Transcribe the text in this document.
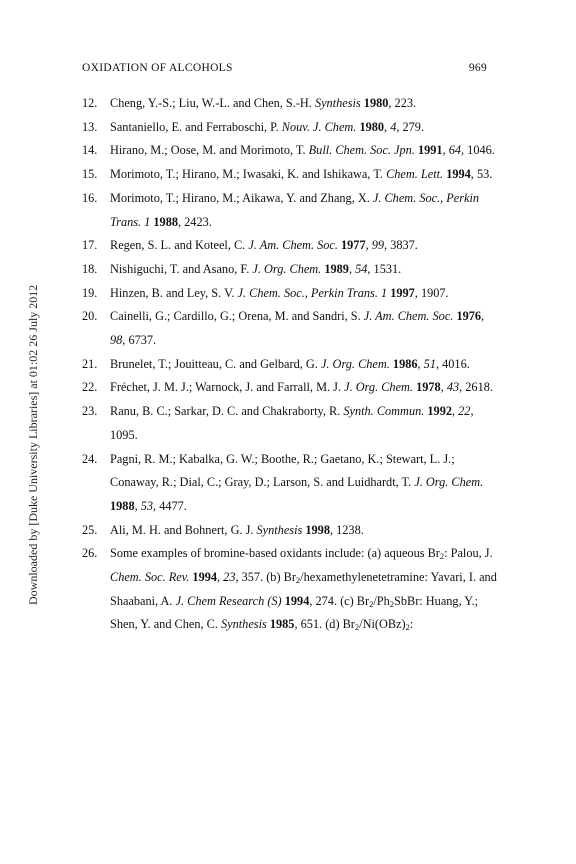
OXIDATION OF ALCOHOLS	969
Downloaded by [Duke University Libraries] at 01:02 26 July 2012
12.	Cheng, Y.-S.; Liu, W.-L. and Chen, S.-H. Synthesis 1980, 223.
13.	Santaniello, E. and Ferraboschi, P. Nouv. J. Chem. 1980, 4, 279.
14.	Hirano, M.; Oose, M. and Morimoto, T. Bull. Chem. Soc. Jpn. 1991, 64, 1046.
15.	Morimoto, T.; Hirano, M.; Iwasaki, K. and Ishikawa, T. Chem. Lett. 1994, 53.
16.	Morimoto, T.; Hirano, M.; Aikawa, Y. and Zhang, X. J. Chem. Soc., Perkin Trans. 1 1988, 2423.
17.	Regen, S. L. and Koteel, C. J. Am. Chem. Soc. 1977, 99, 3837.
18.	Nishiguchi, T. and Asano, F. J. Org. Chem. 1989, 54, 1531.
19.	Hinzen, B. and Ley, S. V. J. Chem. Soc., Perkin Trans. 1 1997, 1907.
20.	Cainelli, G.; Cardillo, G.; Orena, M. and Sandri, S. J. Am. Chem. Soc. 1976, 98, 6737.
21.	Brunelet, T.; Jouitteau, C. and Gelbard, G. J. Org. Chem. 1986, 51, 4016.
22.	Fréchet, J. M. J.; Warnock, J. and Farrall, M. J. J. Org. Chem. 1978, 43, 2618.
23.	Ranu, B. C.; Sarkar, D. C. and Chakraborty, R. Synth. Commun. 1992, 22, 1095.
24.	Pagni, R. M.; Kabalka, G. W.; Boothe, R.; Gaetano, K.; Stewart, L. J.; Conaway, R.; Dial, C.; Gray, D.; Larson, S. and Luidhardt, T. J. Org. Chem. 1988, 53, 4477.
25.	Ali, M. H. and Bohnert, G. J. Synthesis 1998, 1238.
26.	Some examples of bromine-based oxidants include: (a) aqueous $Br_2$: Palou, J. Chem. Soc. Rev. 1994, 23, 357. (b) $Br_2$/hexamethylenetetramine: Yavari, I. and Shaabani, A. J. Chem Research (S) 1994, 274. (c) $Br_2/Ph_2SbBr$: Huang, Y.; Shen, Y. and Chen, C. Synthesis 1985, 651. (d) $Br_2/Ni(OBz)_2$:
